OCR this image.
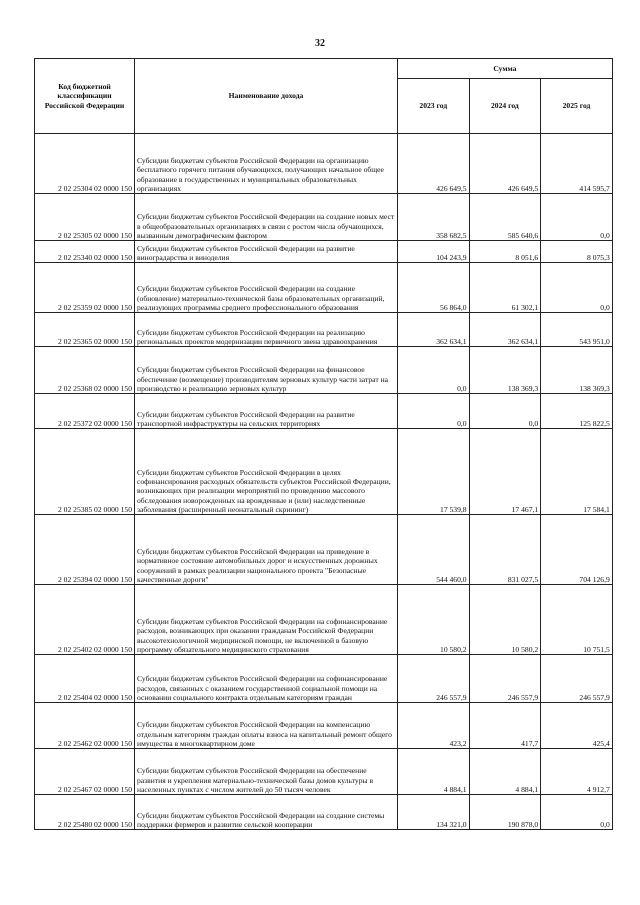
32
Код бюджетной классификации Российской Федерации	Наименование дохода	Сумма		
		2023 год	2024 год	2025 год
2 02 25304 02 0000 150	Субсидии бюджетам субъектов Российской Федерации на организацию бесплатного горячего питания обучающихся, получающих начальное общее образование в государственных и муниципальных образовательных организациях	426 649,5	426 649,5	414 595,7
2 02 25305 02 0000 150	Субсидии бюджетам субъектов Российской Федерации на создание новых мест в общеобразовательных организациях в связи с ростом числа обучающихся, вызванным демографическим фактором	358 682,5	585 640,6	0,0
2 02 25340 02 0000 150	Субсидии бюджетам субъектов Российской Федерации на развитие виноградарства и виноделия	104 243,9	8 051,6	8 075,3
2 02 25359 02 0000 150	Субсидии бюджетам субъектов Российской Федерации на создание (обновление) материально-технической базы образовательных организаций, реализующих программы среднего профессионального образования	56 864,0	61 302,1	0,0
2 02 25365 02 0000 150	Субсидии бюджетам субъектов Российской Федерации на реализацию региональных проектов модернизации первичного звена здравоохранения	362 634,1	362 634,1	543 951,0
2 02 25368 02 0000 150	Субсидии бюджетам субъектов Российской Федерации на финансовое обеспечение (возмещение) производителям зерновых культур части затрат на производство и реализацию зерновых культур	0,0	138 369,3	138 369,3
2 02 25372 02 0000 150	Субсидии бюджетам субъектов Российской Федерации на развитие транспортной инфраструктуры на сельских территориях	0,0	0,0	125 822,5
2 02 25385 02 0000 150	Субсидии бюджетам субъектов Российской Федерации в целях софинансирования расходных обязательств субъектов Российской Федерации, возникающих при реализации мероприятий по проведению массового обследования новорожденных на врожденные и (или) наследственные заболевания (расширенный неонатальный скрининг)	17 539,8	17 467,1	17 584,1
2 02 25394 02 0000 150	Субсидии бюджетам субъектов Российской Федерации на приведение в нормативное состояние автомобильных дорог и искусственных дорожных сооружений в рамках реализации национального проекта "Безопасные качественные дороги"	544 460,0	831 027,5	704 126,9
2 02 25402 02 0000 150	Субсидии бюджетам субъектов Российской Федерации на софинансирование расходов, возникающих при оказании гражданам Российской Федерации высокотехнологичной медицинской помощи, не включенной в базовую программу обязательного медицинского страхования	10 580,2	10 580,2	10 751,5
2 02 25404 02 0000 150	Субсидии бюджетам субъектов Российской Федерации на софинансирование расходов, связанных с оказанием государственной социальной помощи на основании социального контракта отдельным категориям граждан	246 557,9	246 557,9	246 557,9
2 02 25462 02 0000 150	Субсидии бюджетам субъектов Российской Федерации на компенсацию отдельным категориям граждан оплаты взноса на капитальный ремонт общего имущества в многоквартирном доме	423,2	417,7	425,4
2 02 25467 02 0000 150	Субсидии бюджетам субъектов Российской Федерации на обеспечение развития и укрепления материально-технической базы домов культуры в населенных пунктах с числом жителей до 50 тысяч человек	4 884,1	4 884,1	4 912,7
2 02 25480 02 0000 150	Субсидии бюджетам субъектов Российской Федерации на создание системы поддержки фермеров и развитие сельской кооперации	134 321,0	190 878,0	0,0
